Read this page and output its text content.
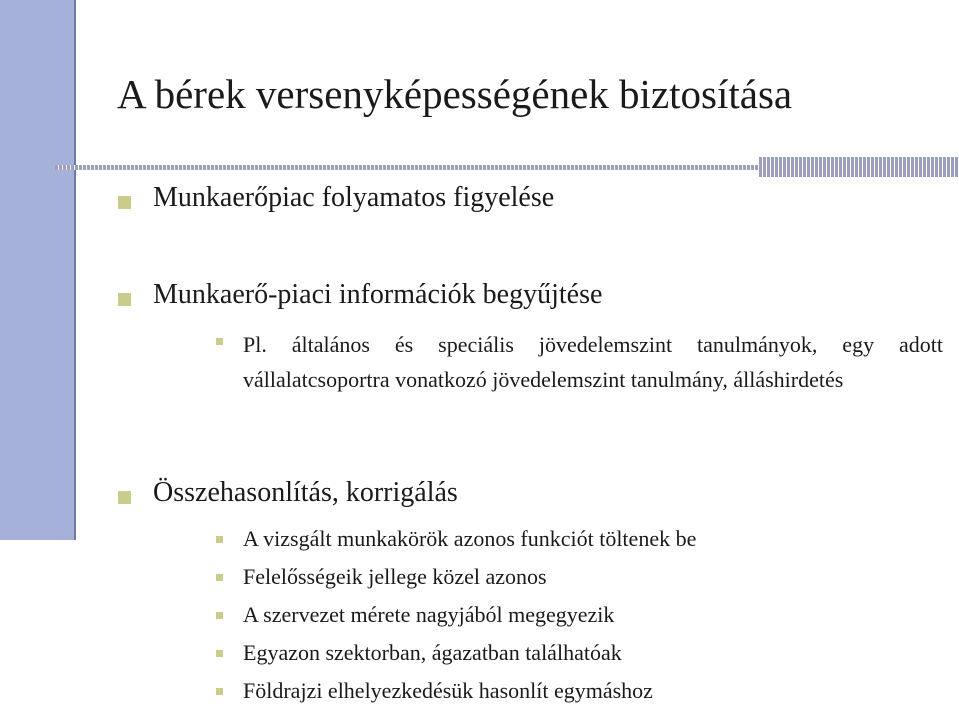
A bérek versenyképességének biztosítása
Munkaerőpiac folyamatos figyelése
Munkaerő-piaci információk begyűjtése
Pl. általános és speciális jövedelemszint tanulmányok, egy adott vállalatcsoportra vonatkozó jövedelemszint tanulmány, álláshirdetés
Összehasonlítás, korrigálás
A vizsgált munkakörök azonos funkciót töltenek be
Felelősségeik jellege közel azonos
A szervezet mérete nagyjából megegyezik
Egyazon szektorban, ágazatban találhatóak
Földrajzi elhelyezkedésük hasonlít egymáshoz
